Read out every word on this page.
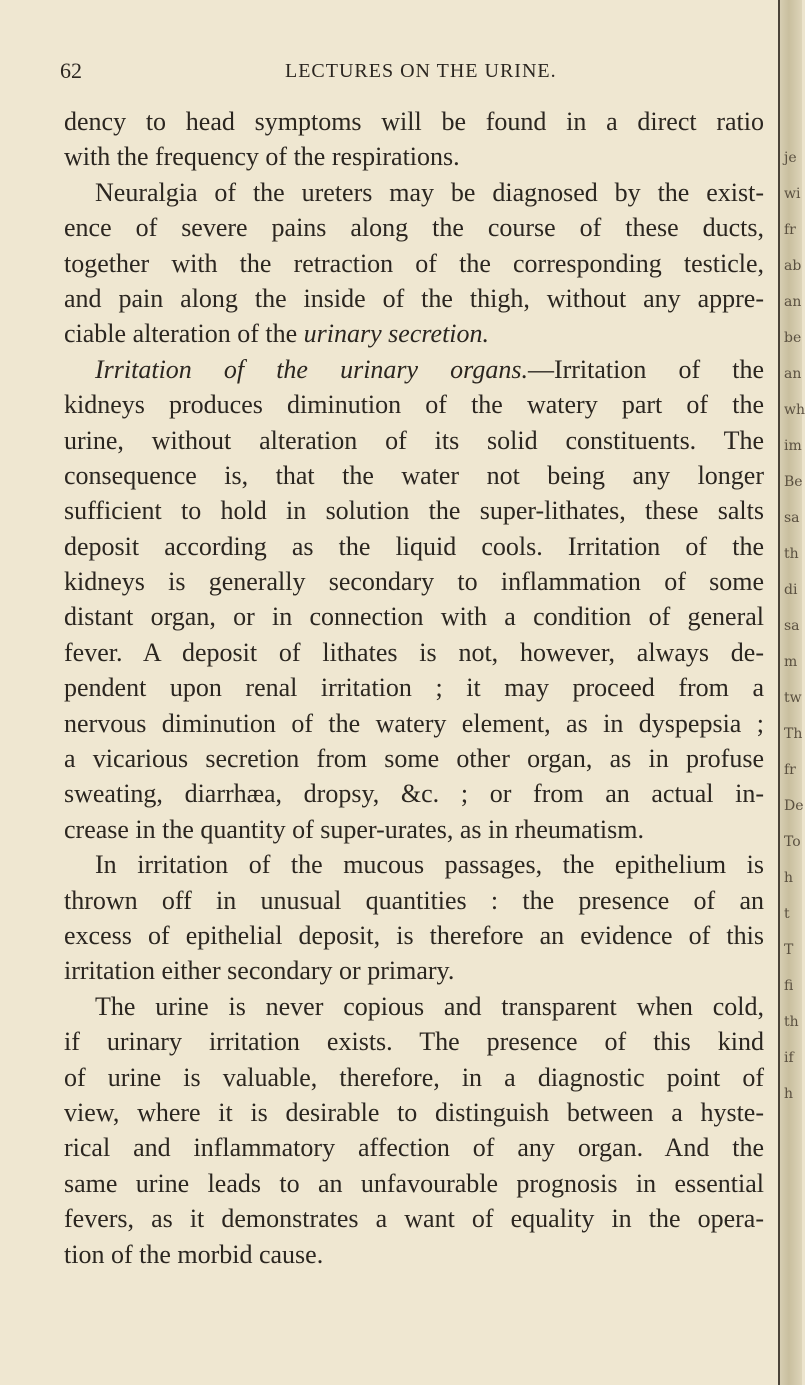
62	LECTURES ON THE URINE.
dency to head symptoms will be found in a direct ratio
with the frequency of the respirations.
Neuralgia of the ureters may be diagnosed by the exist-
ence of severe pains along the course of these ducts,
together with the retraction of the corresponding testicle,
and pain along the inside of the thigh, without any appre-
ciable alteration of the urinary secretion.
Irritation of the urinary organs.—Irritation of the
kidneys produces diminution of the watery part of the
urine, without alteration of its solid constituents. The
consequence is, that the water not being any longer
sufficient to hold in solution the super-lithates, these salts
deposit according as the liquid cools. Irritation of the
kidneys is generally secondary to inflammation of some
distant organ, or in connection with a condition of general
fever. A deposit of lithates is not, however, always de-
pendent upon renal irritation ; it may proceed from a
nervous diminution of the watery element, as in dyspepsia ;
a vicarious secretion from some other organ, as in profuse
sweating, diarrhæa, dropsy, &c. ; or from an actual in-
crease in the quantity of super-urates, as in rheumatism.
In irritation of the mucous passages, the epithelium is
thrown off in unusual quantities : the presence of an
excess of epithelial deposit, is therefore an evidence of this
irritation either secondary or primary.
The urine is never copious and transparent when cold,
if urinary irritation exists. The presence of this kind
of urine is valuable, therefore, in a diagnostic point of
view, where it is desirable to distinguish between a hyste-
rical and inflammatory affection of any organ. And the
same urine leads to an unfavourable prognosis in essential
fevers, as it demonstrates a want of equality in the opera-
tion of the morbid cause.
je
wi
fr
ab
an
be
an
wh
im
Be
sa
th
di
sa
m
tw
Th
fr
De
To
h
t
T
fi
th
if
h
